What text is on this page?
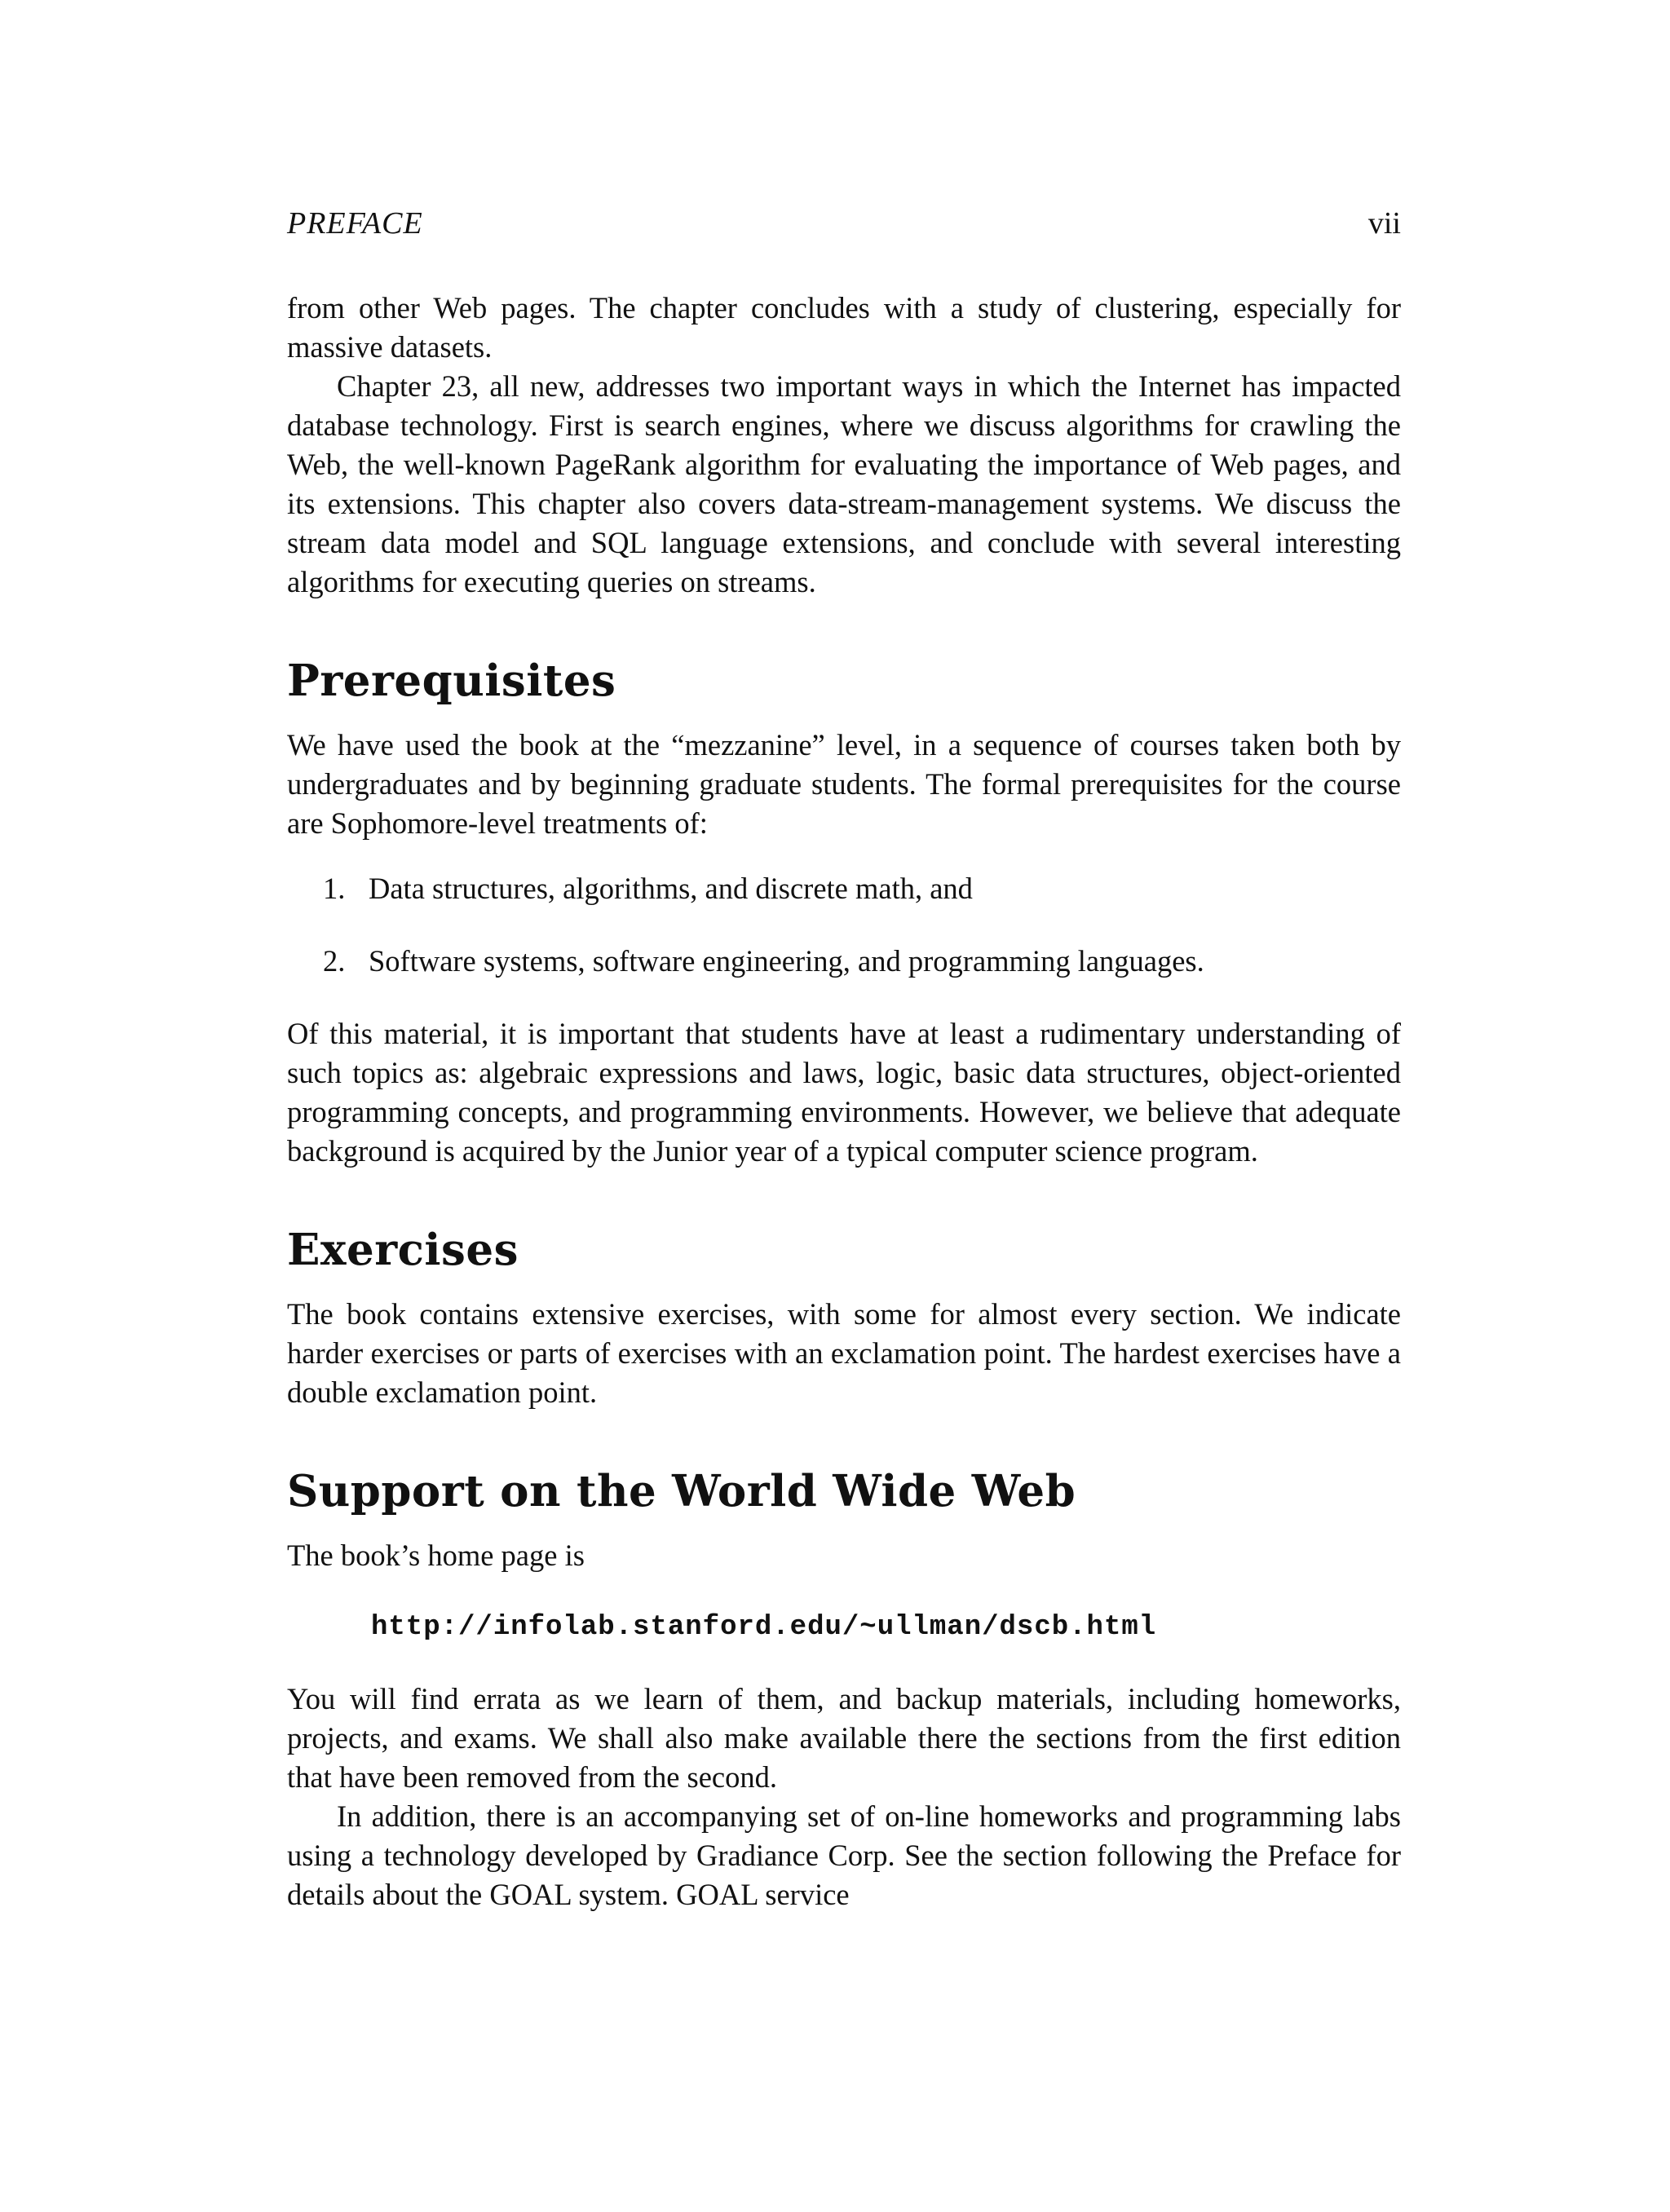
PREFACE	vii

from other Web pages. The chapter concludes with a study of clustering, especially for massive datasets.

Chapter 23, all new, addresses two important ways in which the Internet has impacted database technology. First is search engines, where we discuss algorithms for crawling the Web, the well-known PageRank algorithm for evaluating the importance of Web pages, and its extensions. This chapter also covers data-stream-management systems. We discuss the stream data model and SQL language extensions, and conclude with several interesting algorithms for executing queries on streams.

Prerequisites

We have used the book at the “mezzanine” level, in a sequence of courses taken both by undergraduates and by beginning graduate students. The formal prerequisites for the course are Sophomore-level treatments of:

1. Data structures, algorithms, and discrete math, and
2. Software systems, software engineering, and programming languages.

Of this material, it is important that students have at least a rudimentary understanding of such topics as: algebraic expressions and laws, logic, basic data structures, object-oriented programming concepts, and programming environments. However, we believe that adequate background is acquired by the Junior year of a typical computer science program.

Exercises

The book contains extensive exercises, with some for almost every section. We indicate harder exercises or parts of exercises with an exclamation point. The hardest exercises have a double exclamation point.

Support on the World Wide Web

The book’s home page is

http://infolab.stanford.edu/~ullman/dscb.html

You will find errata as we learn of them, and backup materials, including homeworks, projects, and exams. We shall also make available there the sections from the first edition that have been removed from the second.

In addition, there is an accompanying set of on-line homeworks and programming labs using a technology developed by Gradiance Corp. See the section following the Preface for details about the GOAL system. GOAL service
